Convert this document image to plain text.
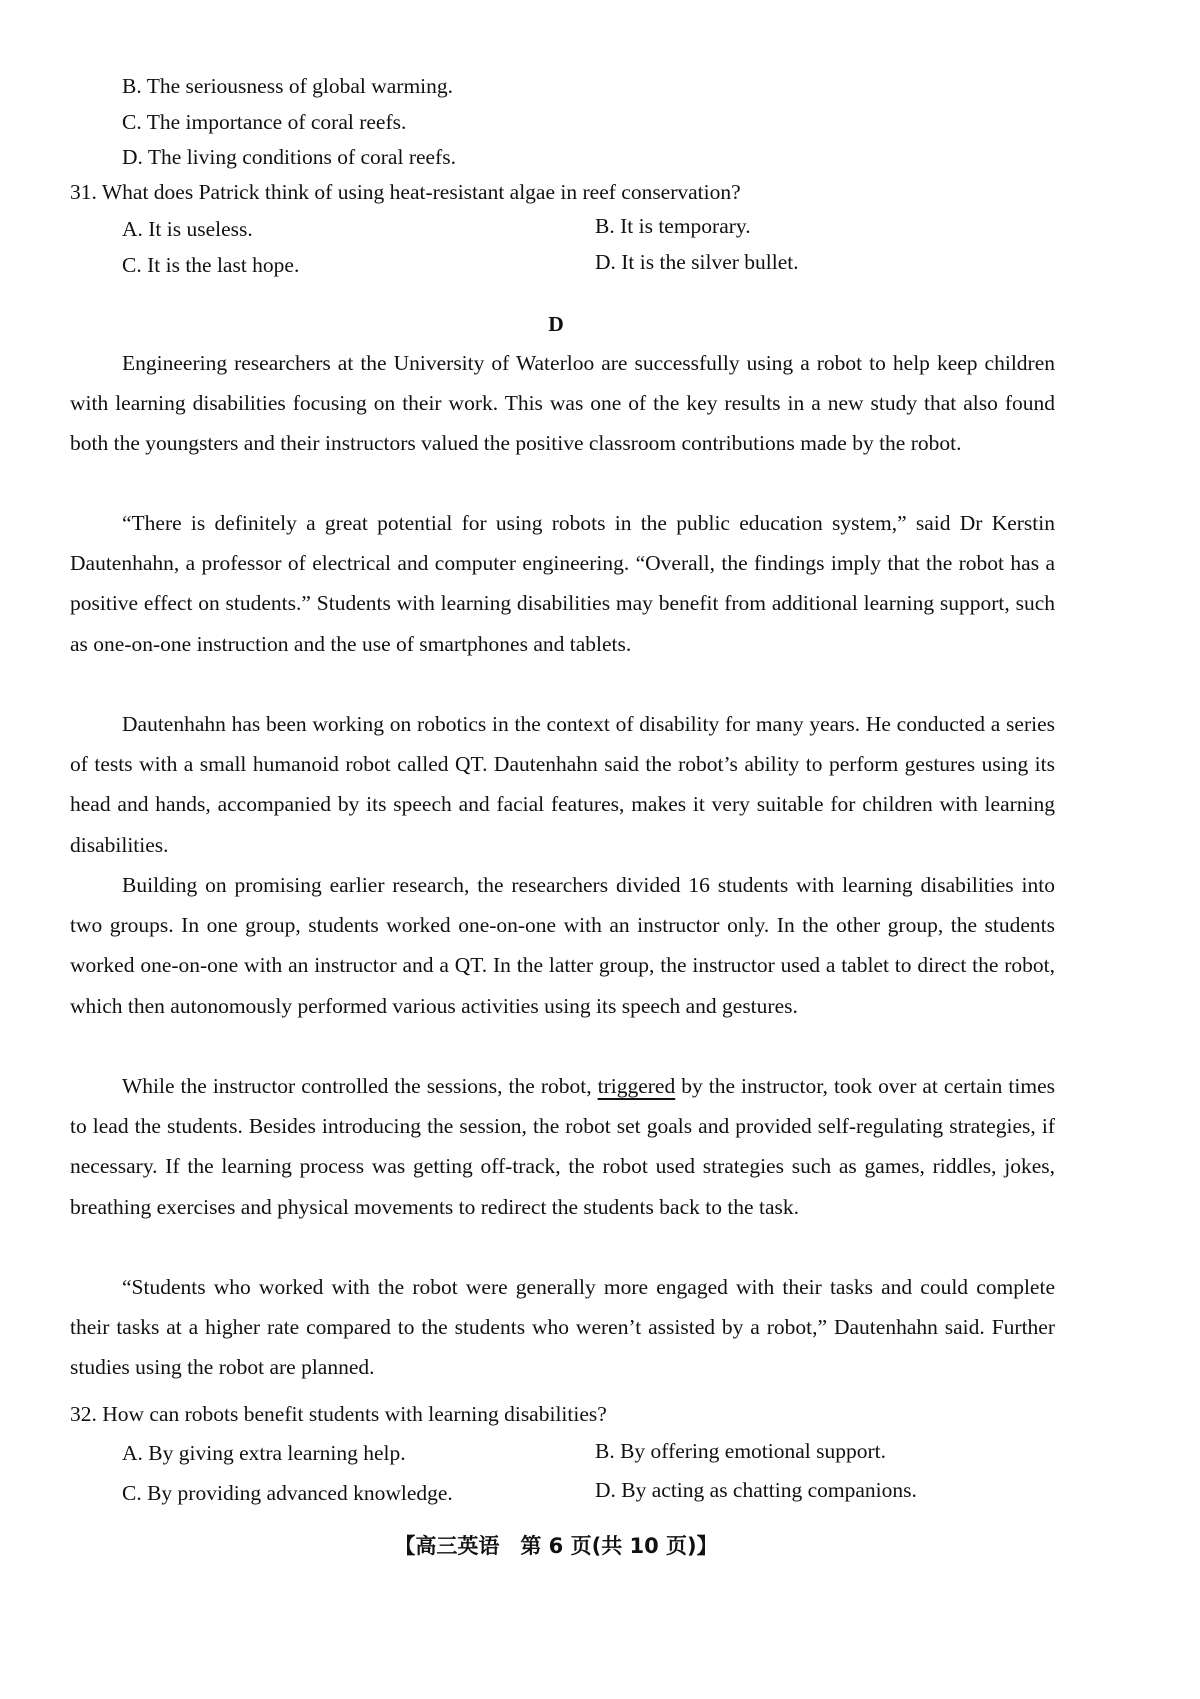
B. The seriousness of global warming.
C. The importance of coral reefs.
D. The living conditions of coral reefs.
31. What does Patrick think of using heat-resistant algae in reef conservation?
A. It is useless.	B. It is temporary.
C. It is the last hope.	D. It is the silver bullet.
D

Engineering researchers at the University of Waterloo are successfully using a robot to help keep children with learning disabilities focusing on their work. This was one of the key results in a new study that also found both the youngsters and their instructors valued the positive classroom contributions made by the robot.

“There is definitely a great potential for using robots in the public education system,” said Dr Kerstin Dautenhahn, a professor of electrical and computer engineering. “Overall, the findings imply that the robot has a positive effect on students.” Students with learning disabilities may benefit from additional learning support, such as one-on-one instruction and the use of smartphones and tablets.

Dautenhahn has been working on robotics in the context of disability for many years. He conducted a series of tests with a small humanoid robot called QT. Dautenhahn said the robot’s ability to perform gestures using its head and hands, accompanied by its speech and facial features, makes it very suitable for children with learning disabilities.

Building on promising earlier research, the researchers divided 16 students with learning disabilities into two groups. In one group, students worked one-on-one with an instructor only. In the other group, the students worked one-on-one with an instructor and a QT. In the latter group, the instructor used a tablet to direct the robot, which then autonomously performed various activities using its speech and gestures.

While the instructor controlled the sessions, the robot, triggered by the instructor, took over at certain times to lead the students. Besides introducing the session, the robot set goals and provided self-regulating strategies, if necessary. If the learning process was getting off-track, the robot used strategies such as games, riddles, jokes, breathing exercises and physical movements to redirect the students back to the task.

“Students who worked with the robot were generally more engaged with their tasks and could complete their tasks at a higher rate compared to the students who weren’t assisted by a robot,” Dautenhahn said. Further studies using the robot are planned.

32. How can robots benefit students with learning disabilities?
A. By giving extra learning help.	B. By offering emotional support.
C. By providing advanced knowledge.	D. By acting as chatting companions.
【高三英语　第 6 页(共 10 页)】
